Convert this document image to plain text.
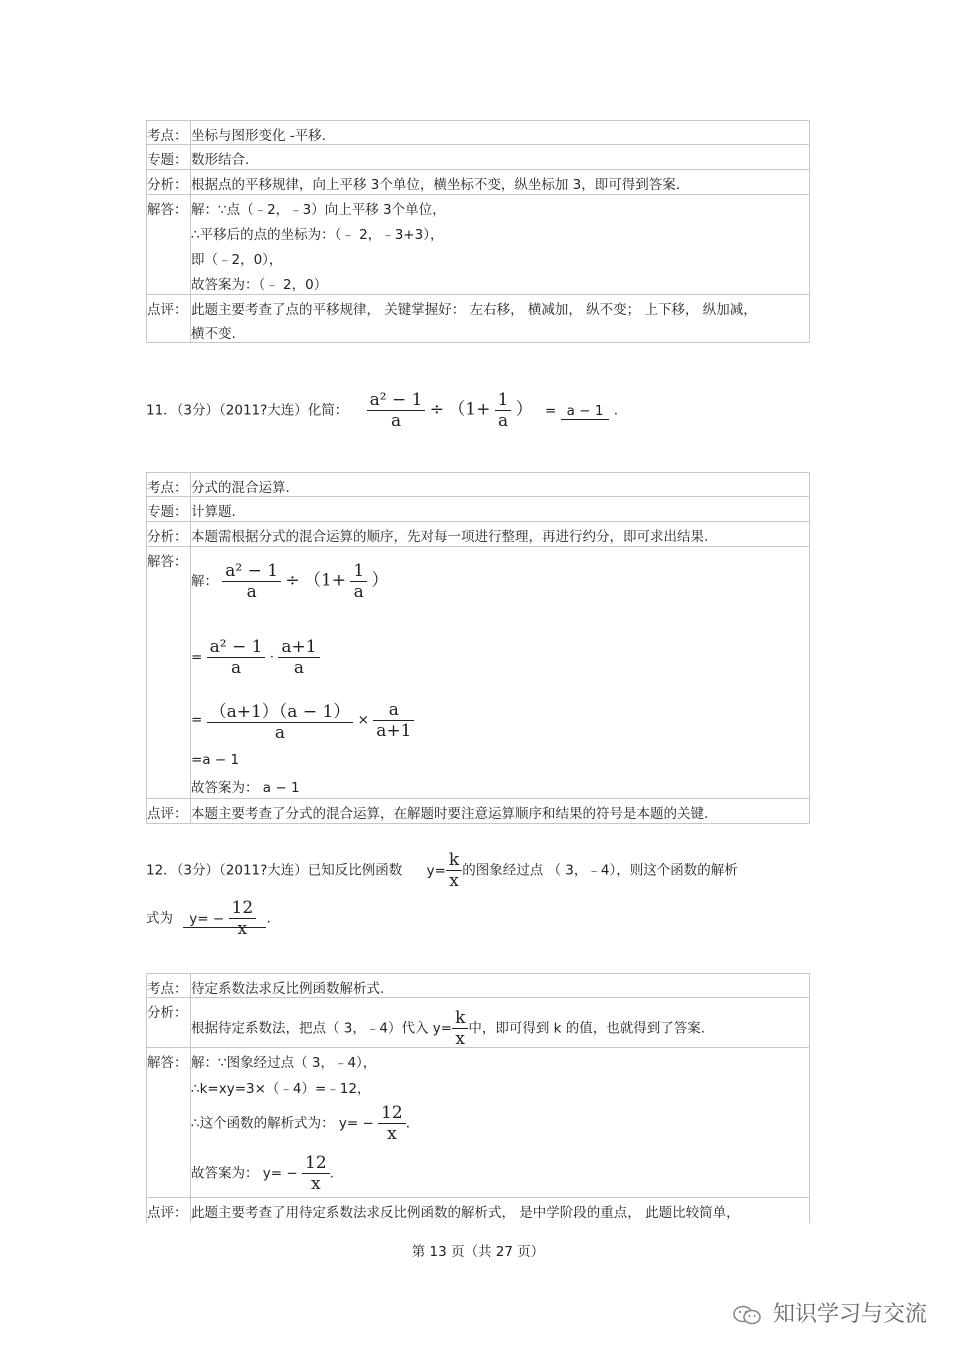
考点： 坐标与图形变化 -平移.
专题： 数形结合.
分析： 根据点的平移规律，向上平移 3个单位，横坐标不变，纵坐标加 3，即可得到答案.
解答： 解：∵点（﹣2，﹣3）向上平移 3个单位，
∴平移后的点的坐标为：（﹣ 2，﹣3+3），
即（﹣2，0），
故答案为：（﹣ 2，0）
点评： 此题主要考查了点的平移规律， 关键掌握好： 左右移， 横减加， 纵不变； 上下移， 纵加减，
横不变.
11．（3分）（2011?大连）化简： $\frac{\text{a² − 1}}{a} \div (1+ \frac{1}{a}$ ） = a − 1 .
考点： 分式的混合运算.
专题： 计算题.
分析： 本题需根据分式的混合运算的顺序，先对每一项进行整理，再进行约分，即可求出结果.
解答：
解： $\frac{\text{a² − 1}}{a} \div (1+ \frac{1}{a}$ ）
= $\frac{\text{a² − 1}}{a} \cdot \frac{a+1}{a}$
= $\frac{(a+1)(a - 1)}{a} \times \frac{a}{a+1}$
=a − 1
故答案为： a − 1
点评： 本题主要考查了分式的混合运算，在解题时要注意运算顺序和结果的符号是本题的关键.
12．（3分）（2011?大连）已知反比例函数 $y= \frac{k}{x}$ 的图象经过点 （ 3，﹣4），则这个函数的解析
式为 $y= - \frac{12}{x}$ .
考点： 待定系数法求反比例函数解析式.
分析：
根据待定系数法，把点（ 3，﹣4）代入 $y= \frac{k}{x}$ 中，即可得到 k 的值，也就得到了答案.
解答： 解：∵图象经过点（ 3，﹣4），
∴k=xy=3×（﹣4）=﹣12，
∴这个函数的解析式为： $y= - \frac{12}{x}$ .
故答案为： $y= - \frac{12}{x}$ .
点评： 此题主要考查了用待定系数法求反比例函数的解析式， 是中学阶段的重点， 此题比较简单，
第 13 页（共 27 页）
知识学习与交流
